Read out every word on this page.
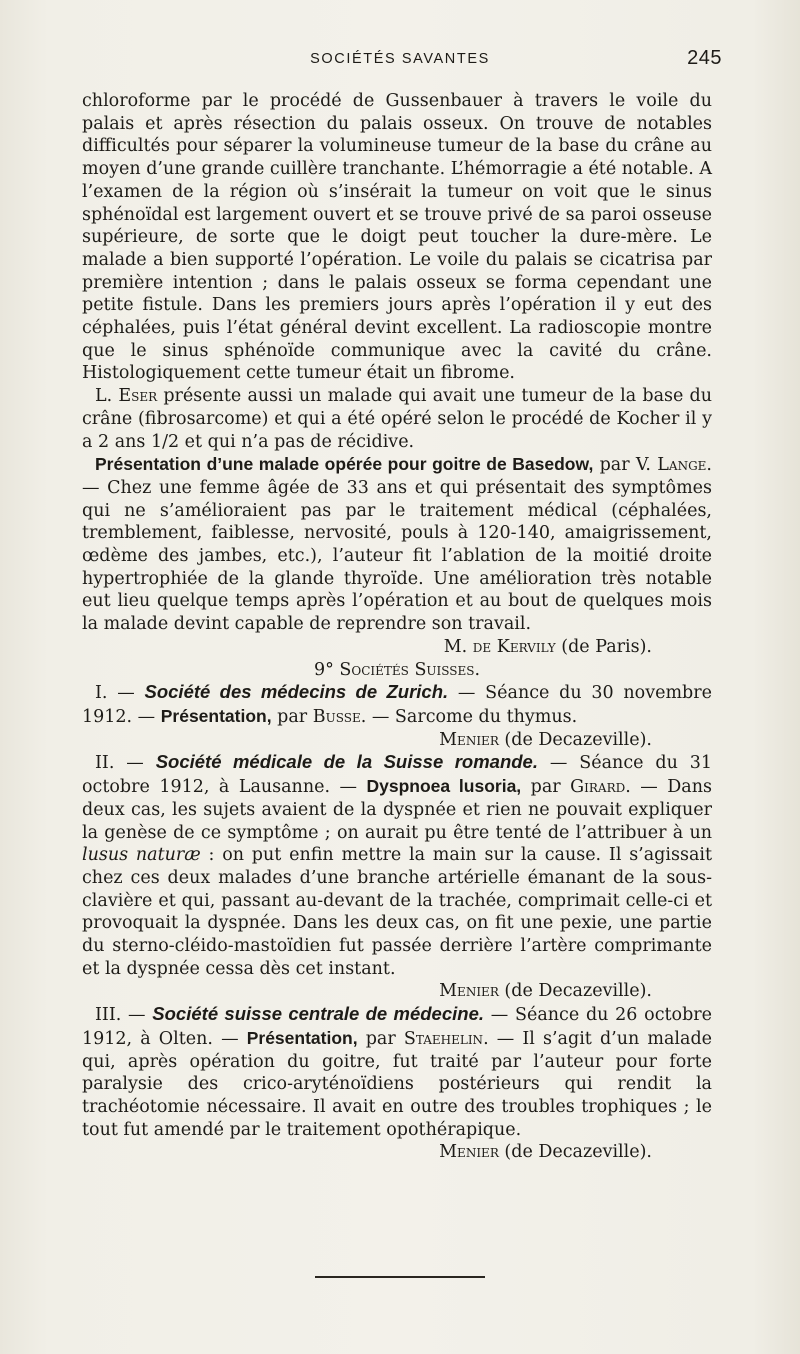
SOCIÉTÉS SAVANTES	245

chloroforme par le procédé de Gussenbauer à travers le voile du palais et après résection du palais osseux. On trouve de notables difficultés pour séparer la volumineuse tumeur de la base du crâne au moyen d’une grande cuillère tranchante. L’hémorragie a été notable. A l’examen de la région où s’insérait la tumeur on voit que le sinus sphénoïdal est largement ouvert et se trouve privé de sa paroi osseuse supérieure, de sorte que le doigt peut toucher la dure-mère. Le malade a bien supporté l’opération. Le voile du palais se cicatrisa par première intention ; dans le palais osseux se forma cependant une petite fistule. Dans les premiers jours après l’opération il y eut des céphalées, puis l’état général devint excellent. La radioscopie montre que le sinus sphénoïde communique avec la cavité du crâne. Histologiquement cette tumeur était un fibrome.

L. Eser présente aussi un malade qui avait une tumeur de la base du crâne (fibrosarcome) et qui a été opéré selon le procédé de Kocher il y a 2 ans 1/2 et qui n’a pas de récidive.

Présentation d’une malade opérée pour goitre de Basedow, par V. Lange. — Chez une femme âgée de 33 ans et qui présentait des symptômes qui ne s’amélioraient pas par le traitement médical (céphalées, tremblement, faiblesse, nervosité, pouls à 120-140, amaigrissement, œdème des jambes, etc.), l’auteur fit l’ablation de la moitié droite hypertrophiée de la glande thyroïde. Une amélioration très notable eut lieu quelque temps après l’opération et au bout de quelques mois la malade devint capable de reprendre son travail.
M. de Kervily (de Paris).

9° Sociétés Suisses.

I. — Société des médecins de Zurich. — Séance du 30 novembre 1912. — Présentation, par Busse. — Sarcome du thymus.

Menier (de Decazeville).

II. — Société médicale de la Suisse romande. — Séance du 31 octobre 1912, à Lausanne. — Dyspnoea lusoria, par Girard. — Dans deux cas, les sujets avaient de la dyspnée et rien ne pouvait expliquer la genèse de ce symptôme ; on aurait pu être tenté de l’attribuer à un lusus naturæ : on put enfin mettre la main sur la cause. Il s’agissait chez ces deux malades d’une branche artérielle émanant de la sous-clavière et qui, passant au-devant de la trachée, comprimait celle-ci et provoquait la dyspnée. Dans les deux cas, on fit une pexie, une partie du sterno-cléido-mastoïdien fut passée derrière l’artère comprimante et la dyspnée cessa dès cet instant.

Menier (de Decazeville).

III. — Société suisse centrale de médecine. — Séance du 26 octobre 1912, à Olten. — Présentation, par Staehelin. — Il s’agit d’un malade qui, après opération du goitre, fut traité par l’auteur pour forte paralysie des crico-aryténoïdiens postérieurs qui rendit la trachéotomie nécessaire. Il avait en outre des troubles trophiques ; le tout fut amendé par le traitement opothérapique.

Menier (de Decazeville).
